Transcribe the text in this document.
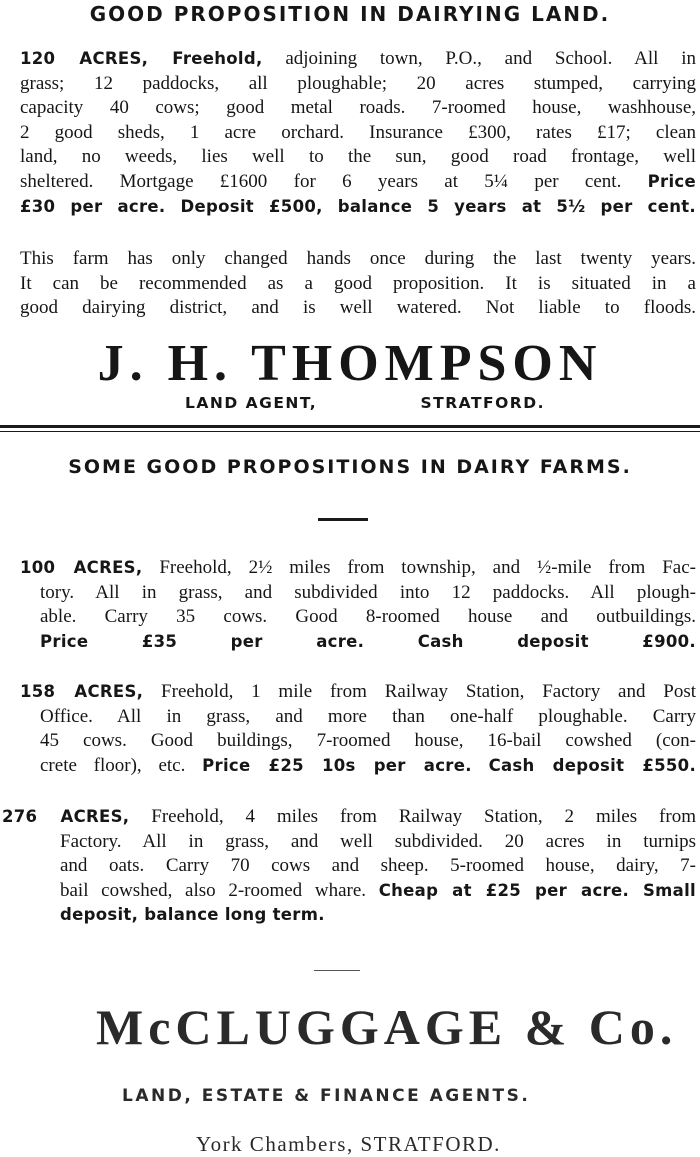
GOOD PROPOSITION IN DAIRYING LAND.
120 ACRES, Freehold, adjoining town, P.O., and School. All in
grass; 12 paddocks, all ploughable; 20 acres stumped, carrying
capacity 40 cows; good metal roads. 7-roomed house, washhouse,
2 good sheds, 1 acre orchard. Insurance £300, rates £17; clean
land, no weeds, lies well to the sun, good road frontage, well
sheltered. Mortgage £1600 for 6 years at 5¼ per cent. Price
£30 per acre. Deposit £500, balance 5 years at 5½ per cent.
This farm has only changed hands once during the last twenty years.
It can be recommended as a good proposition. It is situated in a
good dairying district, and is well watered. Not liable to floods.
J. H. THOMPSON
LAND AGENT,	STRATFORD.
SOME GOOD PROPOSITIONS IN DAIRY FARMS.
100 ACRES, Freehold, 2½ miles from township, and ½-mile from Fac-
tory. All in grass, and subdivided into 12 paddocks. All plough-
able. Carry 35 cows. Good 8-roomed house and outbuildings.
Price £35 per acre. Cash deposit £900.
158 ACRES, Freehold, 1 mile from Railway Station, Factory and Post
Office. All in grass, and more than one-half ploughable. Carry
45 cows. Good buildings, 7-roomed house, 16-bail cowshed (con-
crete floor), etc. Price £25 10s per acre. Cash deposit £550.
276 ACRES, Freehold, 4 miles from Railway Station, 2 miles from
Factory. All in grass, and well subdivided. 20 acres in turnips
and oats. Carry 70 cows and sheep. 5-roomed house, dairy, 7-
bail cowshed, also 2-roomed whare. Cheap at £25 per acre. Small
deposit, balance long term.
McCLUGGAGE & Co.
LAND, ESTATE & FINANCE AGENTS.
York Chambers, STRATFORD.
